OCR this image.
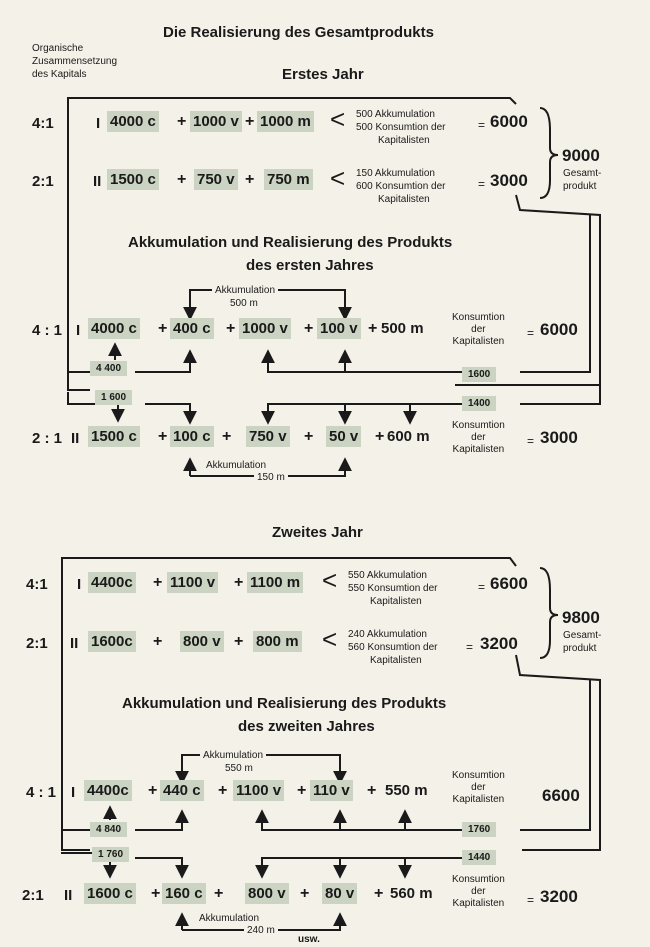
Die Realisierung des Gesamtprodukts
Organische
Zusammensetzung
des Kapitals	Erstes Jahr
4:1	I 4000 c + 1000 v + 1000 m < 500 Akkumulation
500 Konsumtion der
Kapitalisten
= 6000
2:1	II 1500 c + 750 v + 750 m < 150 Akkumulation
600 Konsumtion der
Kapitalisten
= 3000
9000
Gesamt-
produkt
Akkumulation und Realisierung des Produkts
des ersten Jahres
Akkumulation
500 m
4 : 1 I 4000 c + 400 c + 1000 v + 100 v + 500 m
Konsumtion
der
Kapitalisten
= 6000
4 400
1600
1 600
1400
2 : 1 II 1500 c + 100 c + 750 v + 50 v + 600 m
Konsumtion
der
Kapitalisten
= 3000
Akkumulation
150 m
Zweites Jahr
4:1 I 4400c + 1100 v + 1100 m < 550 Akkumulation
550 Konsumtion der
Kapitalisten
= 6600
2:1 II 1600c + 800 v + 800 m < 240 Akkumulation
560 Konsumtion der
Kapitalisten
= 3200
9800
Gesamt-
produkt
Akkumulation und Realisierung des Produkts
des zweiten Jahres
Akkumulation
550 m
4 : 1 I 4400c + 440 c + 1100 v + 110 v + 550 m
Konsumtion
der
Kapitalisten 6600
4 840	1760
1 760	1440
2:1 II 1600 c + 160 c + 800 v + 80 v + 560 m
Konsumtion
der
Kapitalisten = 3200
Akkumulation
240 m
usw.
